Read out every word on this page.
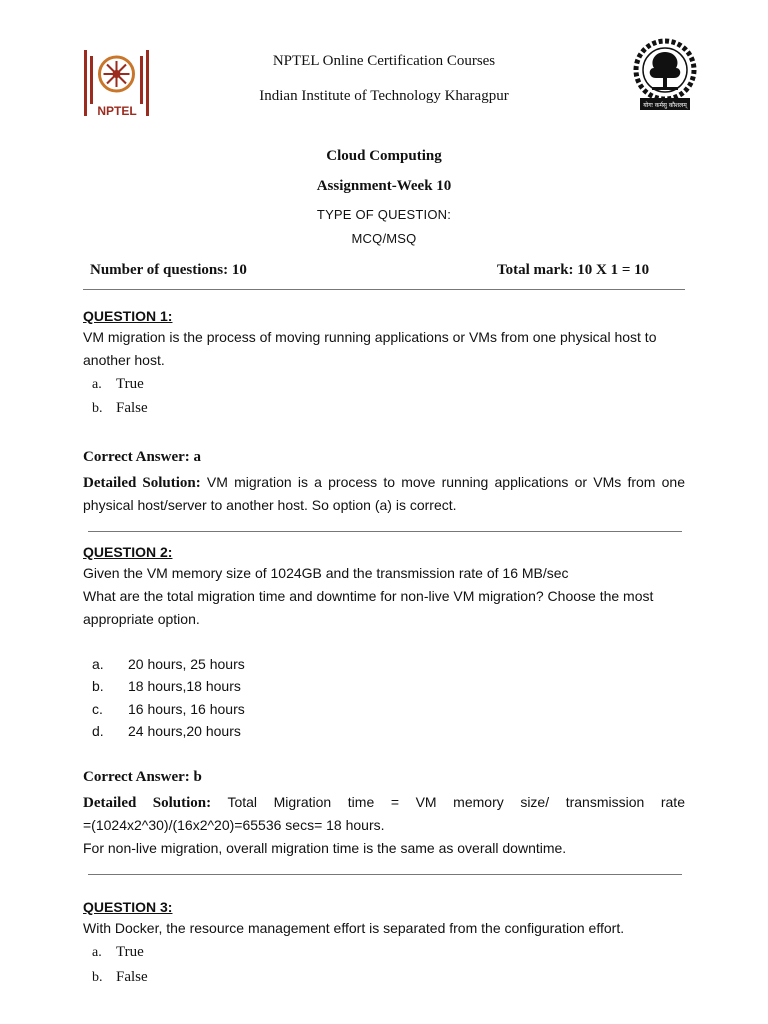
NPTEL	योगः कर्मसु कौशलम्
NPTEL Online Certification Courses
Indian Institute of Technology Kharagpur
Cloud Computing
Assignment-Week 10
TYPE OF QUESTION:
MCQ/MSQ
Number of questions: 10	Total mark: 10 X 1 = 10
QUESTION 1:
VM migration is the process of moving running applications or VMs from one physical host to
another host.
a. True
b. False
Correct Answer: a
Detailed Solution: VM migration is a process to move running applications or VMs from one
physical host/server to another host. So option (a) is correct.
QUESTION 2:
Given the VM memory size of 1024GB and the transmission rate of 16 MB/sec
What are the total migration time and downtime for non-live VM migration? Choose the most
appropriate option.
a. 20 hours, 25 hours
b. 18 hours,18 hours
c. 16 hours, 16 hours
d. 24 hours,20 hours
Correct Answer: b
Detailed Solution: Total Migration time = VM memory size/ transmission rate
=(1024x2^30)/(16x2^20)=65536 secs= 18 hours.
For non-live migration, overall migration time is the same as overall downtime.
QUESTION 3:
With Docker, the resource management effort is separated from the configuration effort.
a. True
b. False
